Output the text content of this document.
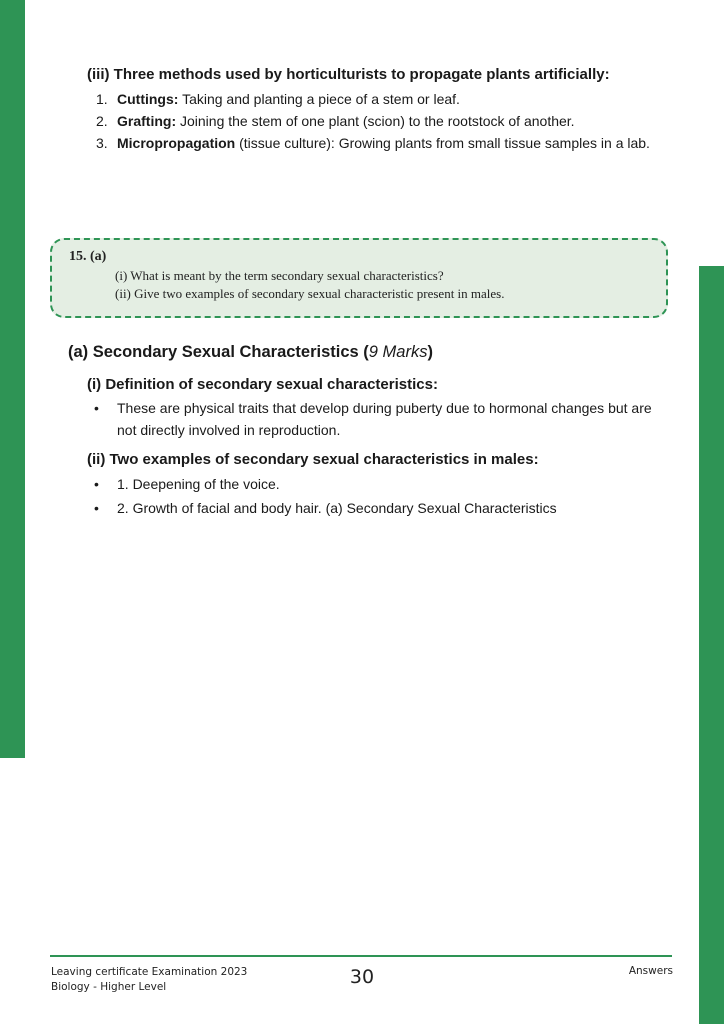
(iii) Three methods used by horticulturists to propagate plants artificially:
1. Cuttings: Taking and planting a piece of a stem or leaf.
2. Grafting: Joining the stem of one plant (scion) to the rootstock of another.
3. Micropropagation (tissue culture): Growing plants from small tissue samples in a lab.
15. (a)
(i) What is meant by the term secondary sexual characteristics?
(ii) Give two examples of secondary sexual characteristic present in males.
(a) Secondary Sexual Characteristics (9 Marks)
(i) Definition of secondary sexual characteristics:
• These are physical traits that develop during puberty due to hormonal changes but are not directly involved in reproduction.
(ii) Two examples of secondary sexual characteristics in males:
• 1. Deepening of the voice.
• 2. Growth of facial and body hair. (a) Secondary Sexual Characteristics
Leaving certificate Examination 2023
Biology - Higher Level	30	Answers
